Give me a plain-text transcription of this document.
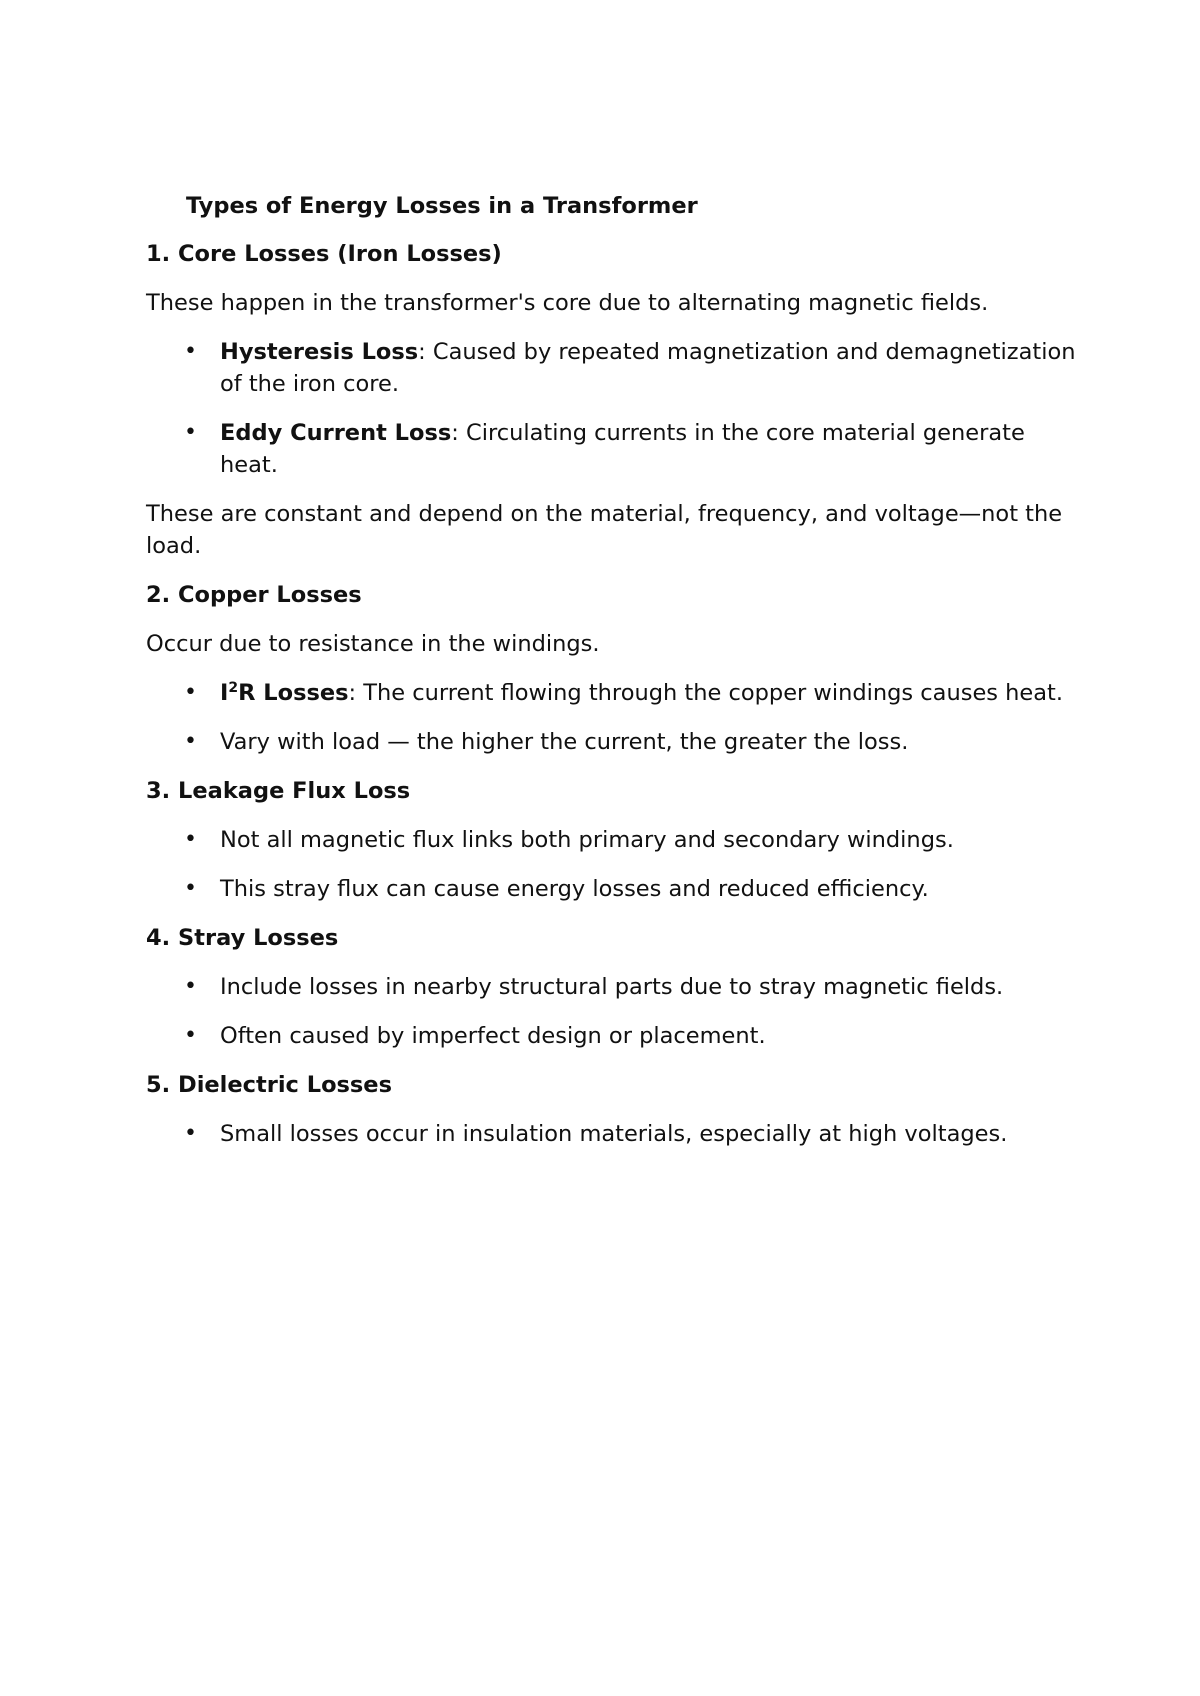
Types of Energy Losses in a Transformer
1. Core Losses (Iron Losses)

These happen in the transformer's core due to alternating magnetic fields.

• Hysteresis Loss: Caused by repeated magnetization and demagnetization of the iron core.
• Eddy Current Loss: Circulating currents in the core material generate heat.

These are constant and depend on the material, frequency, and voltage—not the load.

2. Copper Losses

Occur due to resistance in the windings.

• $I^2R$ Losses: The current flowing through the copper windings causes heat.
• Vary with load — the higher the current, the greater the loss.
3. Leakage Flux Loss
• Not all magnetic flux links both primary and secondary windings.
• This stray flux can cause energy losses and reduced efficiency.
4. Stray Losses
• Include losses in nearby structural parts due to stray magnetic fields.
• Often caused by imperfect design or placement.
5. Dielectric Losses
• Small losses occur in insulation materials, especially at high voltages.
